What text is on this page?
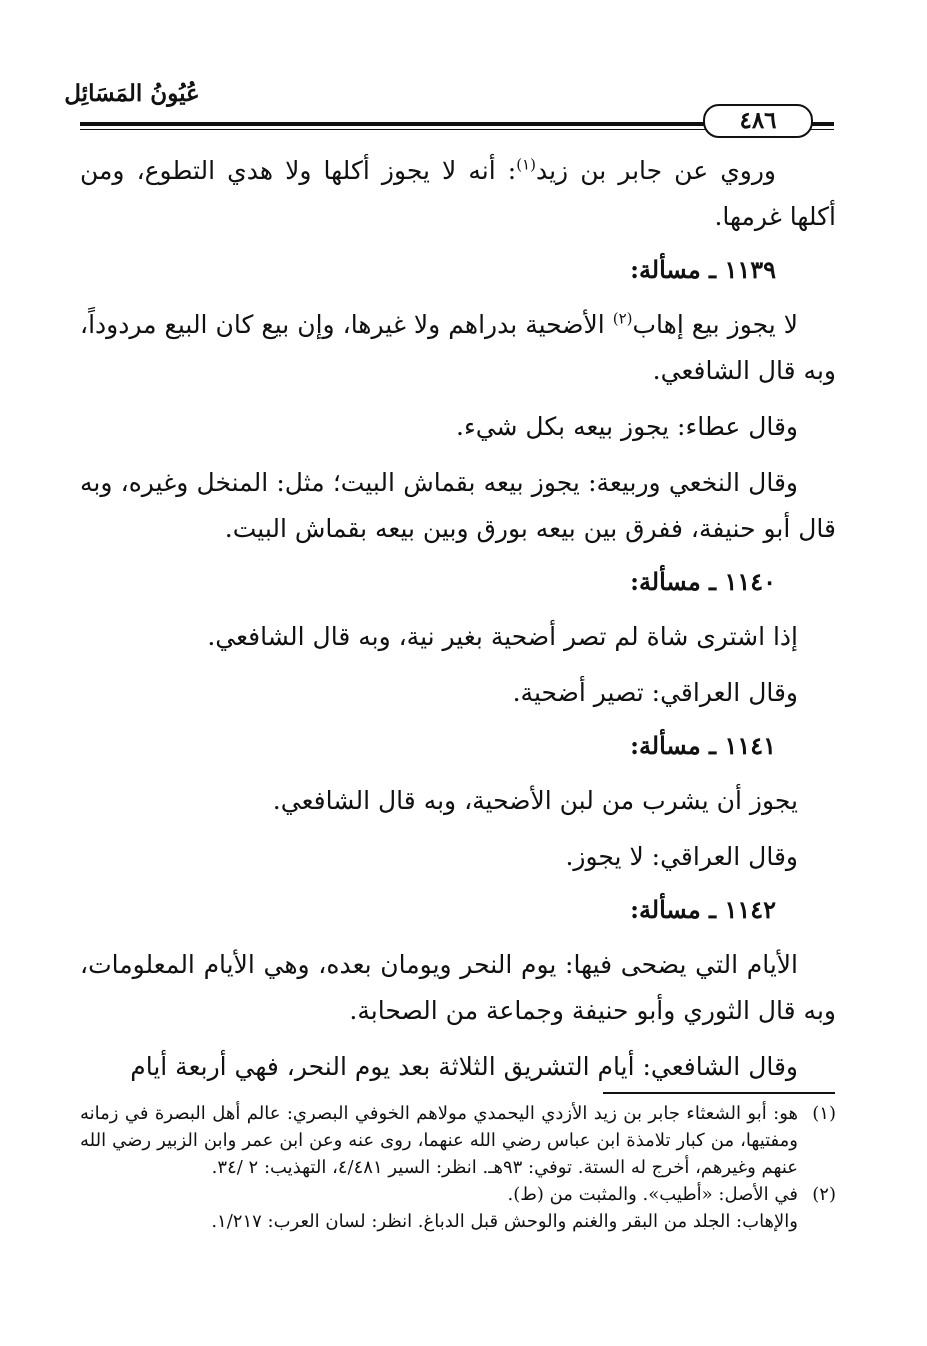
عُيُونُ المَسَائِل
٤٨٦

وروي عن جابر بن زيد$^{(١)}$: أنه لا يجوز أكلها ولا هدي التطوع، ومن أكلها غرمها.

١١٣٩ ـ مسألة:

لا يجوز بيع إهاب$^{(٢)}$ الأضحية بدراهم ولا غيرها، وإن بيع كان البيع مردوداً، وبه قال الشافعي.

وقال عطاء: يجوز بيعه بكل شيء.

وقال النخعي وربيعة: يجوز بيعه بقماش البيت؛ مثل: المنخل وغيره، وبه قال أبو حنيفة، ففرق بين بيعه بورق وبين بيعه بقماش البيت.

١١٤٠ ـ مسألة:

إذا اشترى شاة لم تصر أضحية بغير نية، وبه قال الشافعي.

وقال العراقي: تصير أضحية.

١١٤١ ـ مسألة:

يجوز أن يشرب من لبن الأضحية، وبه قال الشافعي.

وقال العراقي: لا يجوز.

١١٤٢ ـ مسألة:

الأيام التي يضحى فيها: يوم النحر ويومان بعده، وهي الأيام المعلومات، وبه قال الثوري وأبو حنيفة وجماعة من الصحابة.

وقال الشافعي: أيام التشريق الثلاثة بعد يوم النحر، فهي أربعة أيام

(١)
هو: أبو الشعثاء جابر بن زيد الأزدي اليحمدي مولاهم الخوفي البصري: عالم أهل البصرة في زمانه ومفتيها، من كبار تلامذة ابن عباس رضي الله عنهما، روى عنه وعن ابن عمر وابن الزبير رضي الله عنهم وغيرهم، أخرج له الستة. توفي: ٩٣هـ. انظر: السير ٤/٤٨١، التهذيب: ٢ /٣٤.
(٢)
في الأصل: «أطيب». والمثبت من (ط).

والإهاب: الجلد من البقر والغنم والوحش قبل الدباغ. انظر: لسان العرب: ١/٢١٧.
